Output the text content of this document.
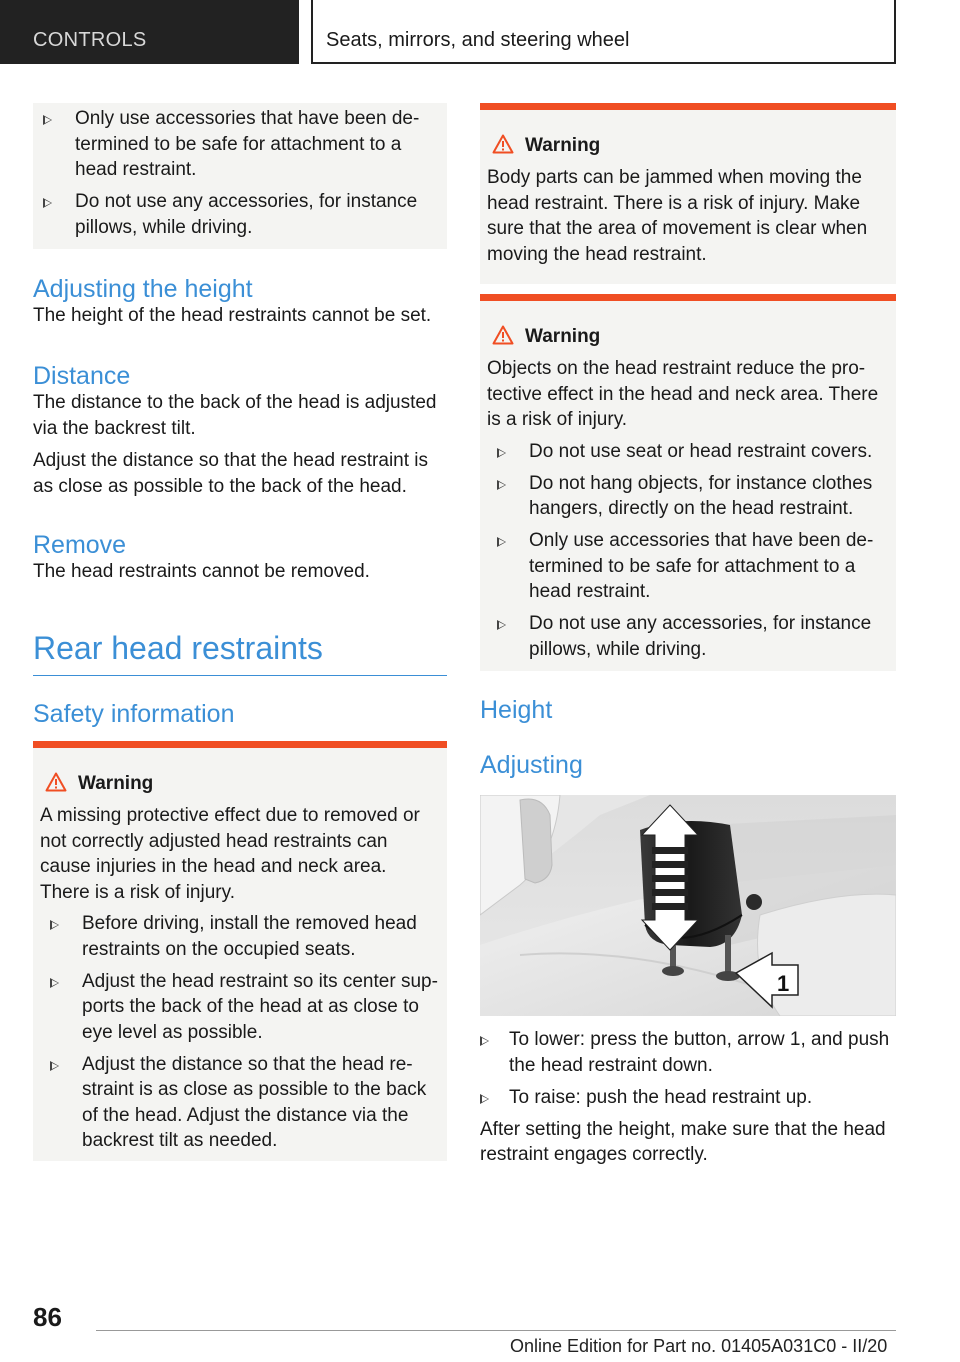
CONTROLS	Seats, mirrors, and steering wheel
Only use accessories that have been de-termined to be safe for attachment to a head restraint.
Do not use any accessories, for instance pillows, while driving.
Adjusting the height

The height of the head restraints cannot be set.

Distance

The distance to the back of the head is adjusted via the backrest tilt.

Adjust the distance so that the head restraint is as close as possible to the back of the head.

Remove

The head restraints cannot be removed.

Rear head restraints
Safety information
Warning

A missing protective effect due to removed or not correctly adjusted head restraints can cause injuries in the head and neck area. There is a risk of injury.

Before driving, install the removed head restraints on the occupied seats.
Adjust the head restraint so its center sup-ports the back of the head at as close to eye level as possible.
Adjust the distance so that the head re-straint is as close as possible to the back of the head. Adjust the distance via the backrest tilt as needed.
Warning

Body parts can be jammed when moving the head restraint. There is a risk of injury. Make sure that the area of movement is clear when moving the head restraint.

Warning

Objects on the head restraint reduce the pro-tective effect in the head and neck area. There is a risk of injury.

Do not use seat or head restraint covers.
Do not hang objects, for instance clothes hangers, directly on the head restraint.
Only use accessories that have been de-termined to be safe for attachment to a head restraint.
Do not use any accessories, for instance pillows, while driving.
Height
Adjusting
1
To lower: press the button, arrow 1, and push the head restraint down.
To raise: push the head restraint up.

After setting the height, make sure that the head restraint engages correctly.

86
Online Edition for Part no. 01405A031C0 - II/20
